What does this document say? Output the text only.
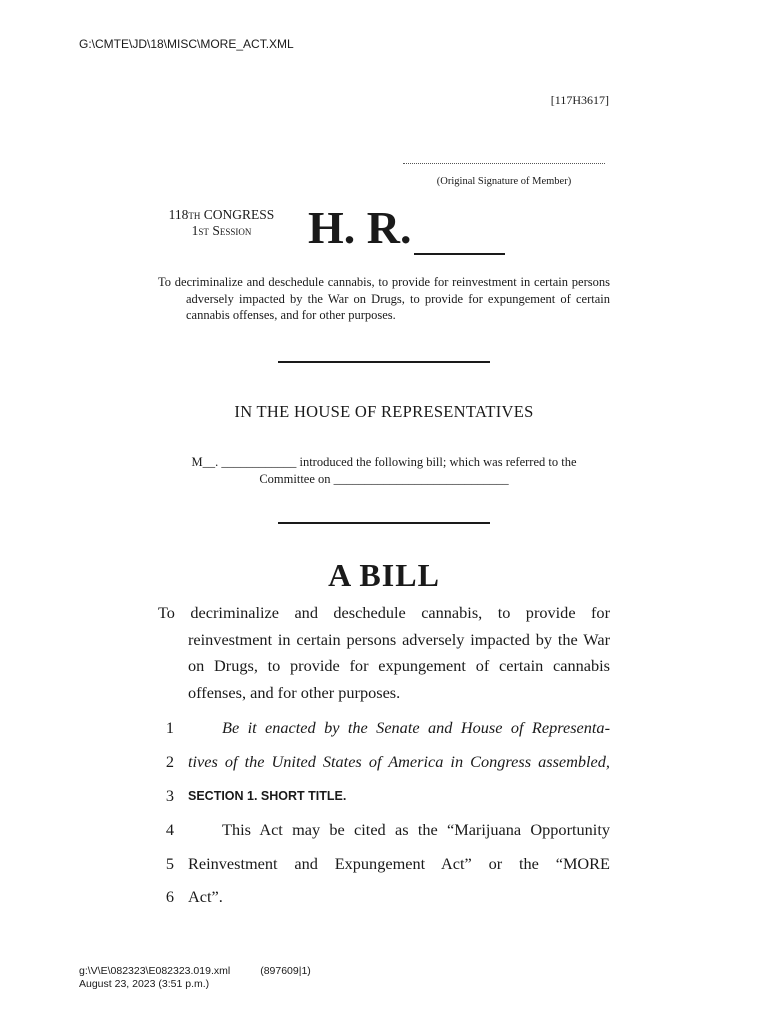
G:\CMTE\JD\18\MISC\MORE_ACT.XML
[117H3617]
(Original Signature of Member)
118th CONGRESS
1st Session	H. R.
To decriminalize and deschedule cannabis, to provide for reinvestment in certain persons adversely impacted by the War on Drugs, to provide for expungement of certain cannabis offenses, and for other purposes.
IN THE HOUSE OF REPRESENTATIVES
M__. ____________ introduced the following bill; which was referred to the
Committee on ____________________________
A BILL
To decriminalize and deschedule cannabis, to provide for reinvestment in certain persons adversely impacted by the War on Drugs, to provide for expungement of certain cannabis offenses, and for other purposes.
1	Be it enacted by the Senate and House of Representa-
2 tives of the United States of America in Congress assembled,
3	SECTION 1. SHORT TITLE.
4	This Act may be cited as the “Marijuana Opportunity
5 Reinvestment and Expungement Act” or the “MORE
6 Act”.
g:\V\E\082323\E082323.019.xml	(897609|1)
August 23, 2023 (3:51 p.m.)
